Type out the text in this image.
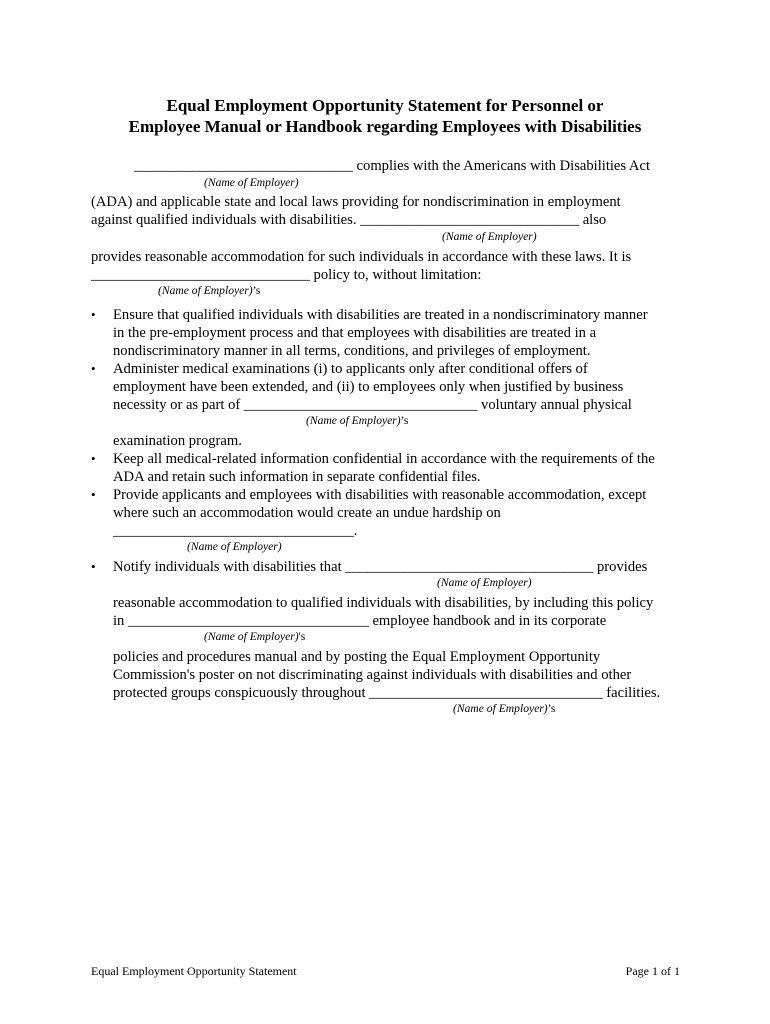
Equal Employment Opportunity Statement for Personnel or
Employee Manual or Handbook regarding Employees with Disabilities
______________________________ complies with the Americans with Disabilities Act
(Name of Employer)
(ADA) and applicable state and local laws providing for nondiscrimination in employment
against qualified individuals with disabilities. ______________________________ also
(Name of Employer)
provides reasonable accommodation for such individuals in accordance with these laws. It is
______________________________ policy to, without limitation:
(Name of Employer)’s
• Ensure that qualified individuals with disabilities are treated in a nondiscriminatory manner
in the pre-employment process and that employees with disabilities are treated in a
nondiscriminatory manner in all terms, conditions, and privileges of employment.
• Administer medical examinations (i) to applicants only after conditional offers of
employment have been extended, and (ii) to employees only when justified by business
necessity or as part of ________________________________ voluntary annual physical
(Name of Employer)’s
examination program.
• Keep all medical-related information confidential in accordance with the requirements of the
ADA and retain such information in separate confidential files.
• Provide applicants and employees with disabilities with reasonable accommodation, except
where such an accommodation would create an undue hardship on
_________________________________.
(Name of Employer)
• Notify individuals with disabilities that __________________________________ provides
(Name of Employer)
reasonable accommodation to qualified individuals with disabilities, by including this policy
in _________________________________ employee handbook and in its corporate
(Name of Employer)'s
policies and procedures manual and by posting the Equal Employment Opportunity
Commission's poster on not discriminating against individuals with disabilities and other
protected groups conspicuously throughout ________________________________ facilities.
(Name of Employer)’s
Equal Employment Opportunity Statement	Page 1 of 1
